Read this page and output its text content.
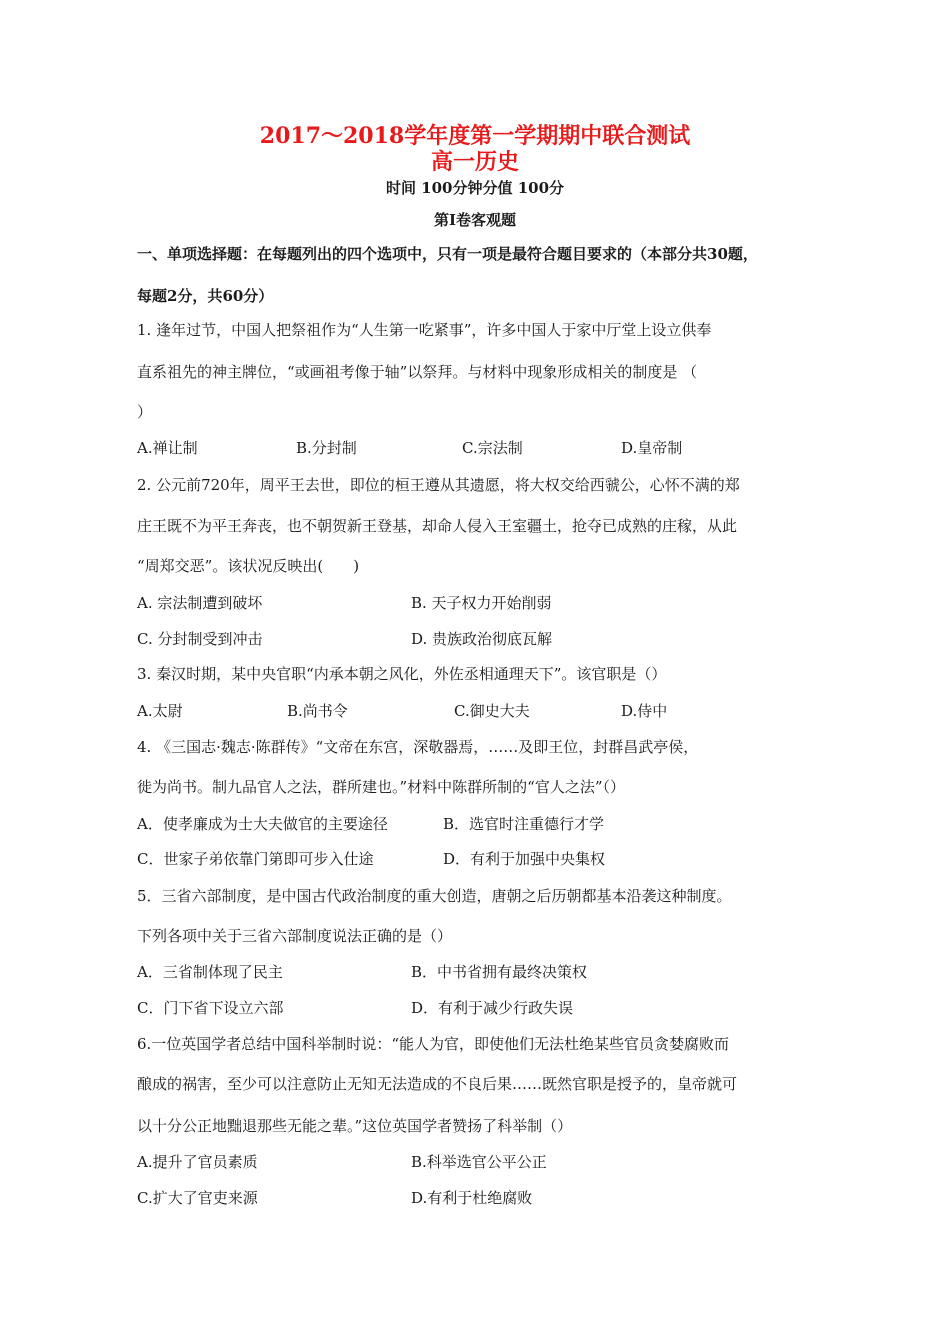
2017～2018学年度第一学期期中联合测试
高一历史
时间 100分钟分值 100分
第Ⅰ卷客观题
一、单项选择题：在每题列出的四个选项中，只有一项是最符合题目要求的（本部分共30题，
每题2分，共60分）
1. 逢年过节，中国人把祭祖作为“人生第一吃紧事”，许多中国人于家中厅堂上设立供奉
直系祖先的神主牌位，“或画祖考像于轴”以祭拜。与材料中现象形成相关的制度是 （
）
A.禅让制	B.分封制	C.宗法制	D.皇帝制
2. 公元前720年，周平王去世，即位的桓王遵从其遗愿，将大权交给西虢公，心怀不满的郑
庄王既不为平王奔丧，也不朝贺新王登基，却命人侵入王室疆土，抢夺已成熟的庄稼，从此
“周郑交恶”。该状况反映出(　　)
A. 宗法制遭到破坏	B. 天子权力开始削弱
C. 分封制受到冲击	D. 贵族政治彻底瓦解
3. 秦汉时期，某中央官职“内承本朝之风化，外佐丞相通理天下”。该官职是（）
A.太尉	B.尚书令	C.御史大夫	D.侍中
4. 《三国志·魏志·陈群传》“文帝在东宫，深敬器焉，……及即王位，封群昌武亭侯，
徙为尚书。制九品官人之法，群所建也。”材料中陈群所制的“官人之法”（）
A．使孝廉成为士大夫做官的主要途径	B．选官时注重德行才学
C．世家子弟依靠门第即可步入仕途	D．有利于加强中央集权
5．三省六部制度，是中国古代政治制度的重大创造，唐朝之后历朝都基本沿袭这种制度。
下列各项中关于三省六部制度说法正确的是（）
A．三省制体现了民主	B．中书省拥有最终决策权
C．门下省下设立六部	D．有利于减少行政失误
6.一位英国学者总结中国科举制时说：“能人为官，即使他们无法杜绝某些官员贪婪腐败而
酿成的祸害，至少可以注意防止无知无法造成的不良后果……既然官职是授予的，皇帝就可
以十分公正地黜退那些无能之辈。”这位英国学者赞扬了科举制（）
A.提升了官员素质	B.科举选官公平公正
C.扩大了官吏来源	D.有利于杜绝腐败
